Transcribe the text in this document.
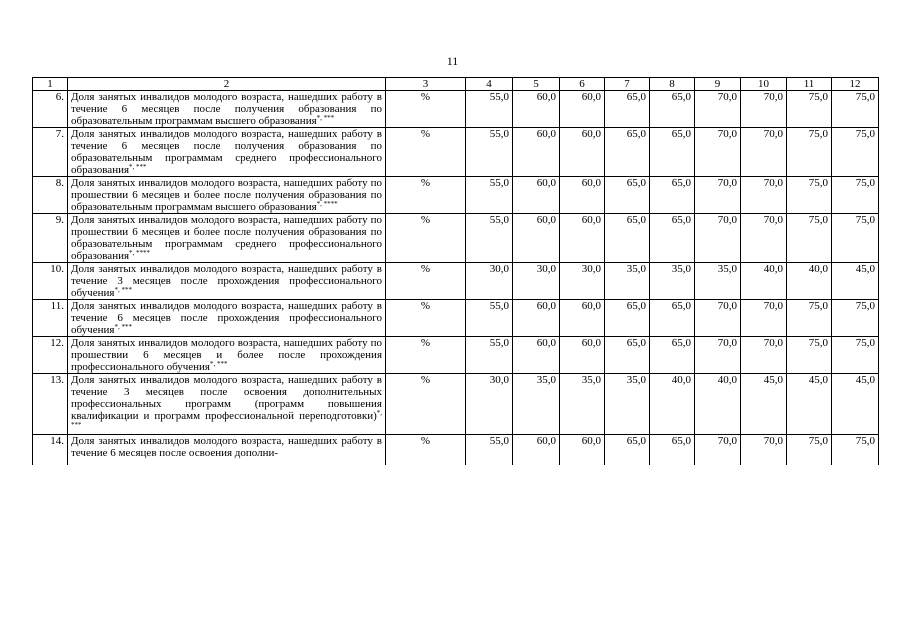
11
1	2	3	4	5	6	7	8	9	10	11	12
6.	Доля занятых инвалидов молодого возраста, нашедших работу в течение 6 месяцев после получения образования по образовательным программам высшего образования*, ***	%	55,0	60,0	60,0	65,0	65,0	70,0	70,0	75,0	75,0
7.	Доля занятых инвалидов молодого возраста, нашедших работу в течение 6 месяцев после получения образования по образовательным программам среднего профессионального образования*, ***	%	55,0	60,0	60,0	65,0	65,0	70,0	70,0	75,0	75,0
8.	Доля занятых инвалидов молодого возраста, нашедших работу по прошествии 6 месяцев и более после получения образования по образовательным программам высшего образования*, ****	%	55,0	60,0	60,0	65,0	65,0	70,0	70,0	75,0	75,0
9.	Доля занятых инвалидов молодого возраста, нашедших работу по прошествии 6 месяцев и более после получения образования по образовательным программам среднего профессионального образования*, ****	%	55,0	60,0	60,0	65,0	65,0	70,0	70,0	75,0	75,0
10.	Доля занятых инвалидов молодого возраста, нашедших работу в течение 3 месяцев после прохождения профессионального обучения*, ***	%	30,0	30,0	30,0	35,0	35,0	35,0	40,0	40,0	45,0
11.	Доля занятых инвалидов молодого возраста, нашедших работу в течение 6 месяцев после прохождения профессионального обучения*, ***	%	55,0	60,0	60,0	65,0	65,0	70,0	70,0	75,0	75,0
12.	Доля занятых инвалидов молодого возраста, нашедших работу по прошествии 6 месяцев и более после прохождения профессионального обучения*, ***	%	55,0	60,0	60,0	65,0	65,0	70,0	70,0	75,0	75,0
13.	Доля занятых инвалидов молодого возраста, нашедших работу в течение 3 месяцев после освоения дополнительных профессиональных программ (программ повышения квалификации и программ профессиональной переподготовки)*, ***	%	30,0	35,0	35,0	35,0	40,0	40,0	45,0	45,0	45,0
14.	Доля занятых инвалидов молодого возраста, нашедших работу в течение 6 месяцев после освоения дополни-	%	55,0	60,0	60,0	65,0	65,0	70,0	70,0	75,0	75,0
